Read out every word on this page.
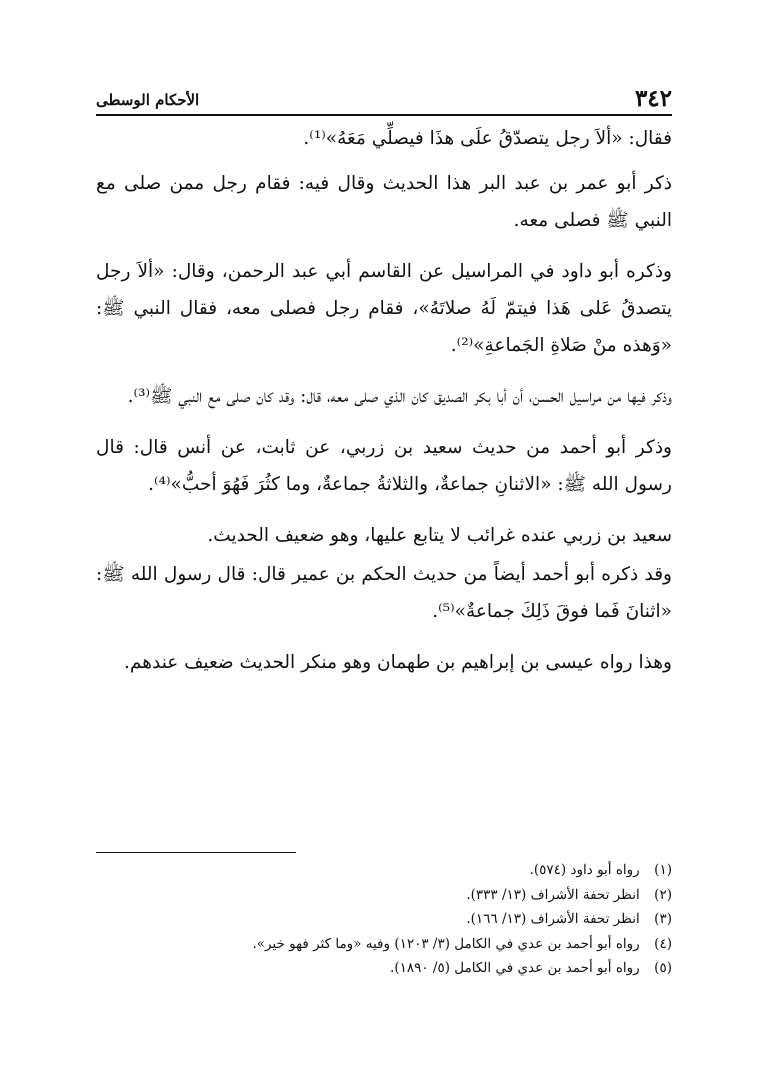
٣٤٢
الأحكام الوسطى

فقال: «ألاَ رجل يتصدّقُ علَى هذَا فيصلِّي مَعَهُ»⁽¹⁾.

ذكر أبو عمر بن عبد البر هذا الحديث وقال فيه: فقام رجل ممن صلى مع النبي ﷺ فصلى معه.

وذكره أبو داود في المراسيل عن القاسم أبي عبد الرحمن، وقال: «ألاَ رجل يتصدقُ عَلى هَذا فيتمّ لَهُ صلاتَهُ»، فقام رجل فصلى معه، فقال النبي ﷺ: «وَهذه منْ صَلاةِ الجَماعةِ»⁽²⁾.

وذكر فيها من مراسيل الحسن، أن أبا بكر الصديق كان الذي صلى معه، قال: وقد كان صلى مع النبي ﷺ⁽³⁾.

وذكر أبو أحمد من حديث سعيد بن زربي، عن ثابت، عن أنس قال: قال رسول الله ﷺ: «الاثنانِ جماعةٌ، والثلاثةُ جماعةٌ، وما كثُرَ فَهُوَ أحبُّ»⁽⁴⁾.

سعيد بن زربي عنده غرائب لا يتابع عليها، وهو ضعيف الحديث.

وقد ذكره أبو أحمد أيضاً من حديث الحكم بن عمير قال: قال رسول الله ﷺ: «اثنانَ فَما فوقَ ذَلِكَ جماعةٌ»⁽⁵⁾.

وهذا رواه عيسى بن إبراهيم بن طهمان وهو منكر الحديث ضعيف عندهم.

(١) رواه أبو داود (٥٧٤).
(٢) انظر تحفة الأشراف (١٣/ ٣٣٣).
(٣) انظر تحفة الأشراف (١٣/ ١٦٦).
(٤) رواه أبو أحمد بن عدي في الكامل (٣/ ١٢٠٣) وفيه «وما كثر فهو خير».
(٥) رواه أبو أحمد بن عدي في الكامل (٥/ ١٨٩٠).
